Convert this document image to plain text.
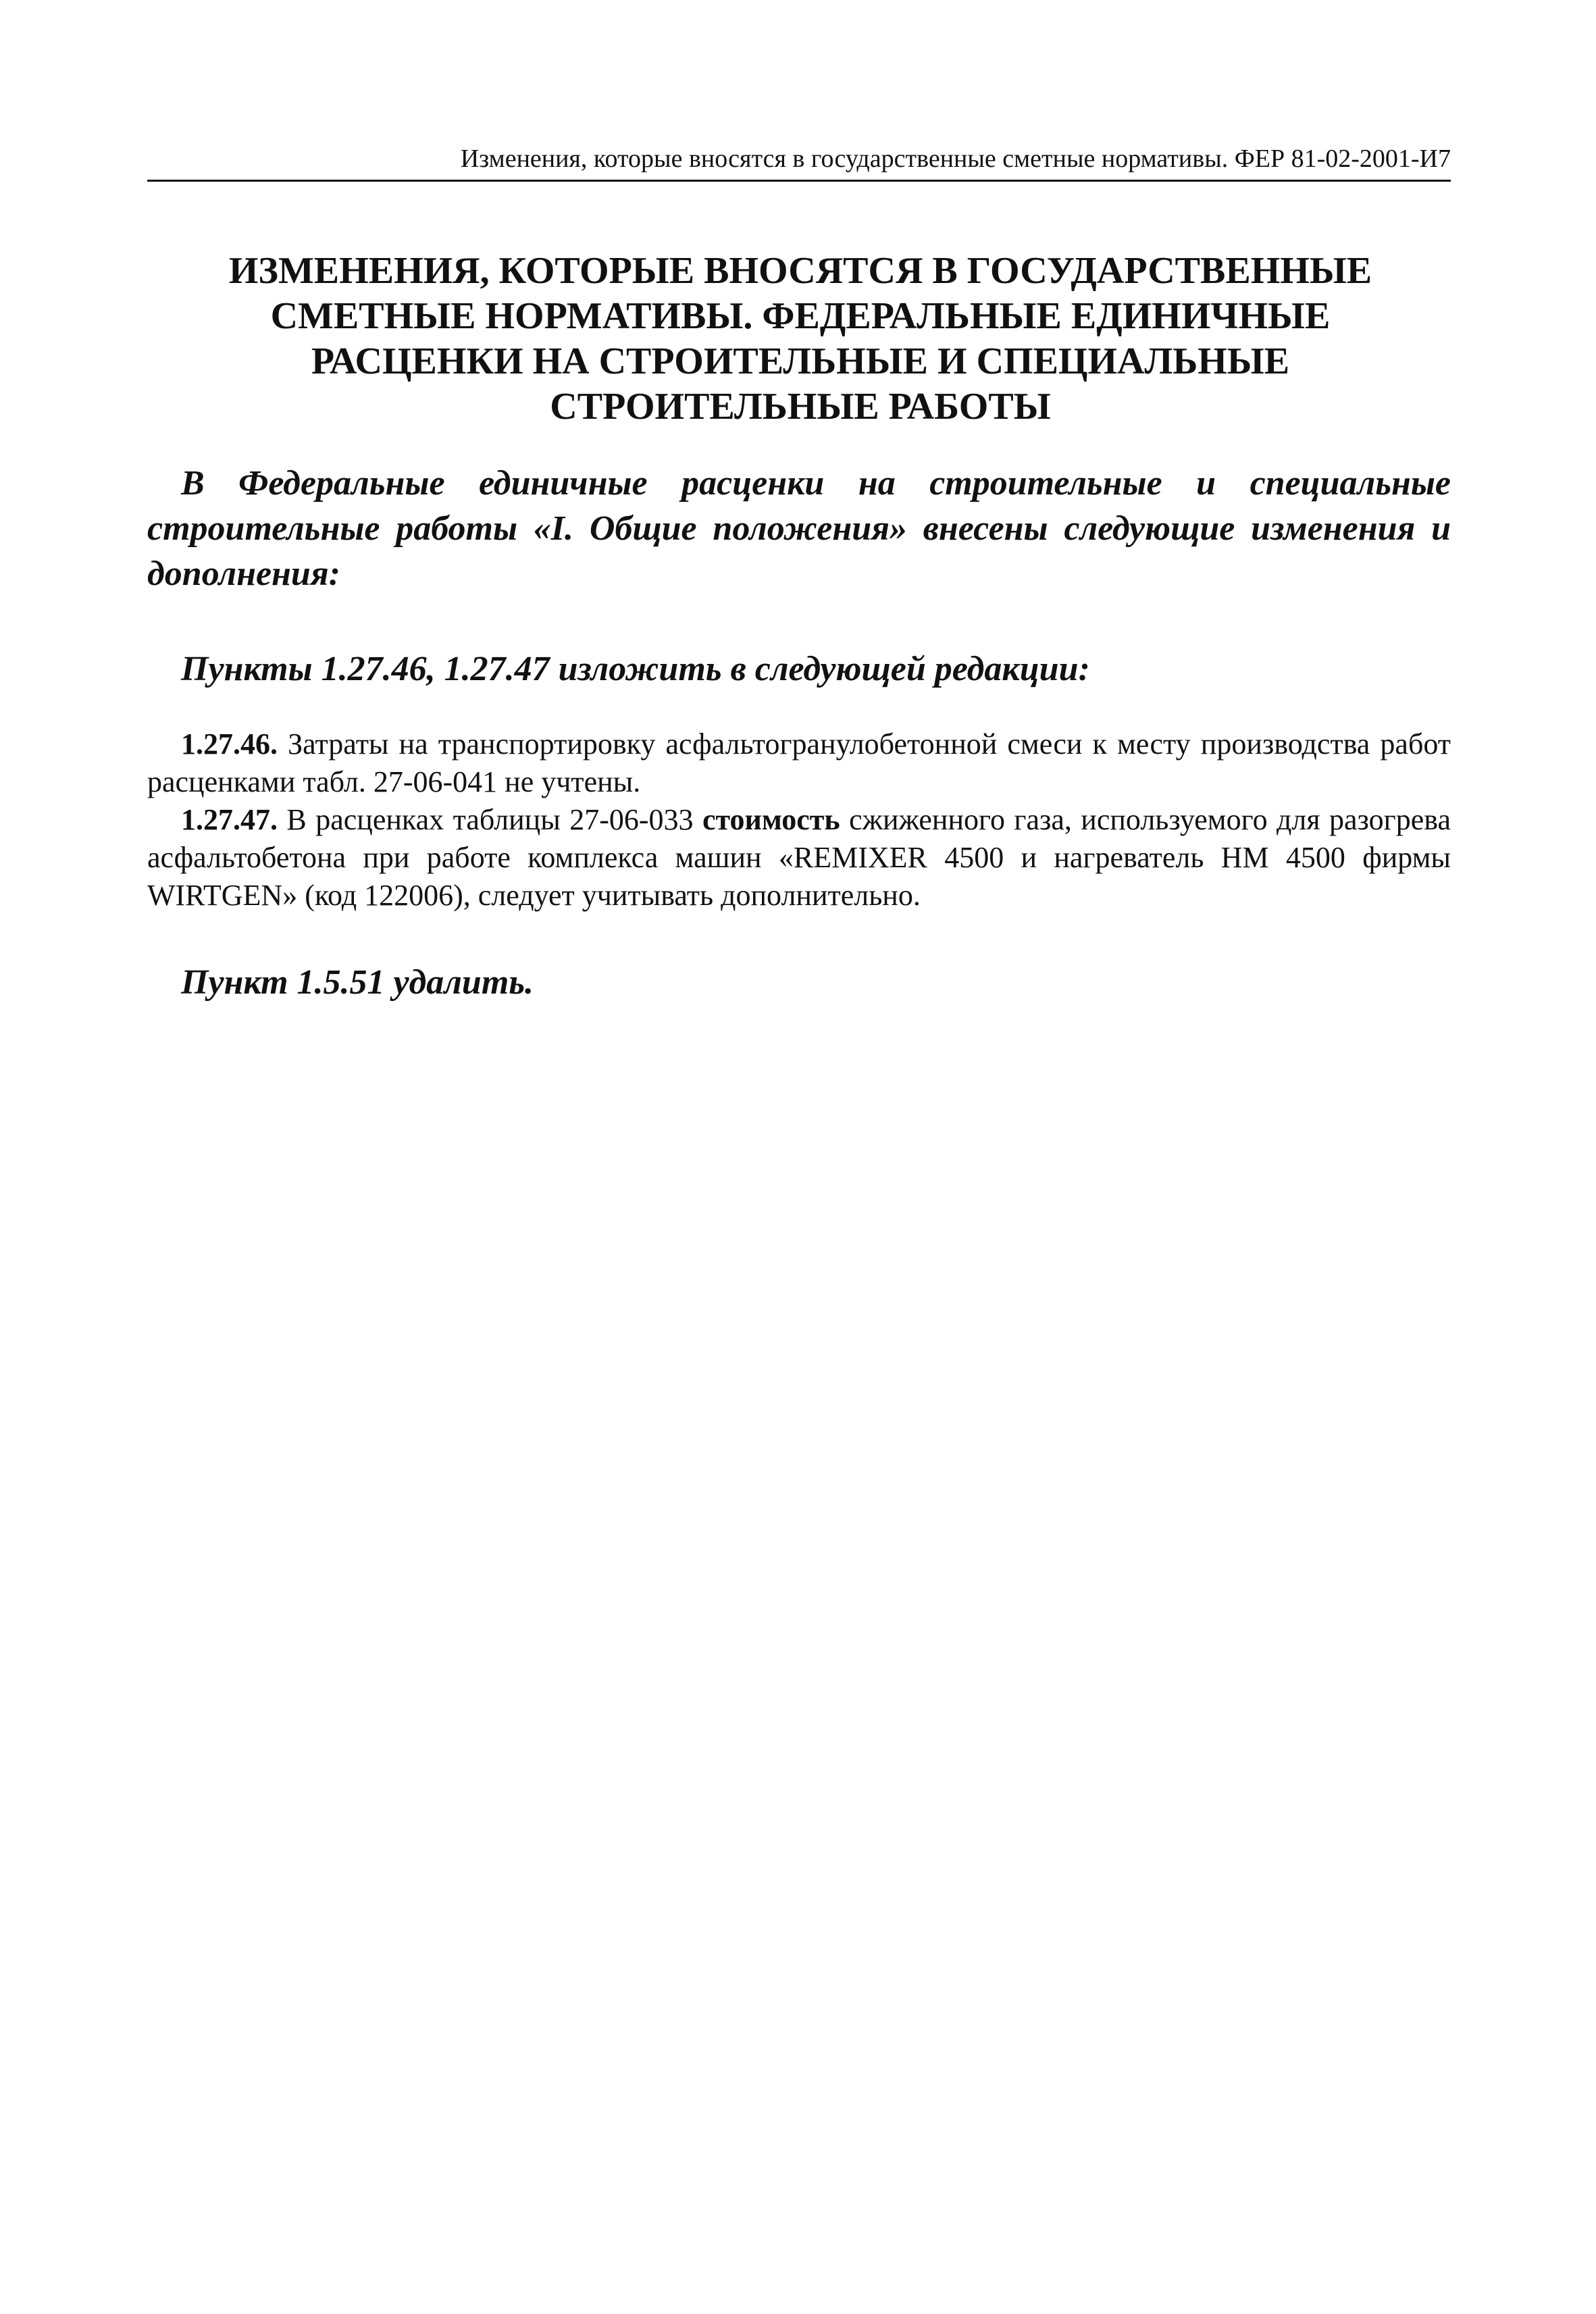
Изменения, которые вносятся в государственные сметные нормативы. ФЕР 81-02-2001-И7
ИЗМЕНЕНИЯ, КОТОРЫЕ ВНОСЯТСЯ В ГОСУДАРСТВЕННЫЕ
СМЕТНЫЕ НОРМАТИВЫ. ФЕДЕРАЛЬНЫЕ ЕДИНИЧНЫЕ
РАСЦЕНКИ НА СТРОИТЕЛЬНЫЕ И СПЕЦИАЛЬНЫЕ
СТРОИТЕЛЬНЫЕ РАБОТЫ

В Федеральные единичные расценки на строительные и специальные строительные работы «I. Общие положения» внесены следующие изменения и дополнения:

Пункты 1.27.46, 1.27.47 изложить в следующей редакции:

1.27.46. Затраты на транспортировку асфальтогранулобетонной смеси к месту производства работ расценками табл. 27-06-041 не учтены.

1.27.47. В расценках таблицы 27-06-033 стоимость сжиженного газа, используемого для разогрева асфальтобетона при работе комплекса машин «REMIXER 4500 и нагреватель HM 4500 фирмы WIRTGEN» (код 122006), следует учитывать дополнительно.

Пункт 1.5.51 удалить.
